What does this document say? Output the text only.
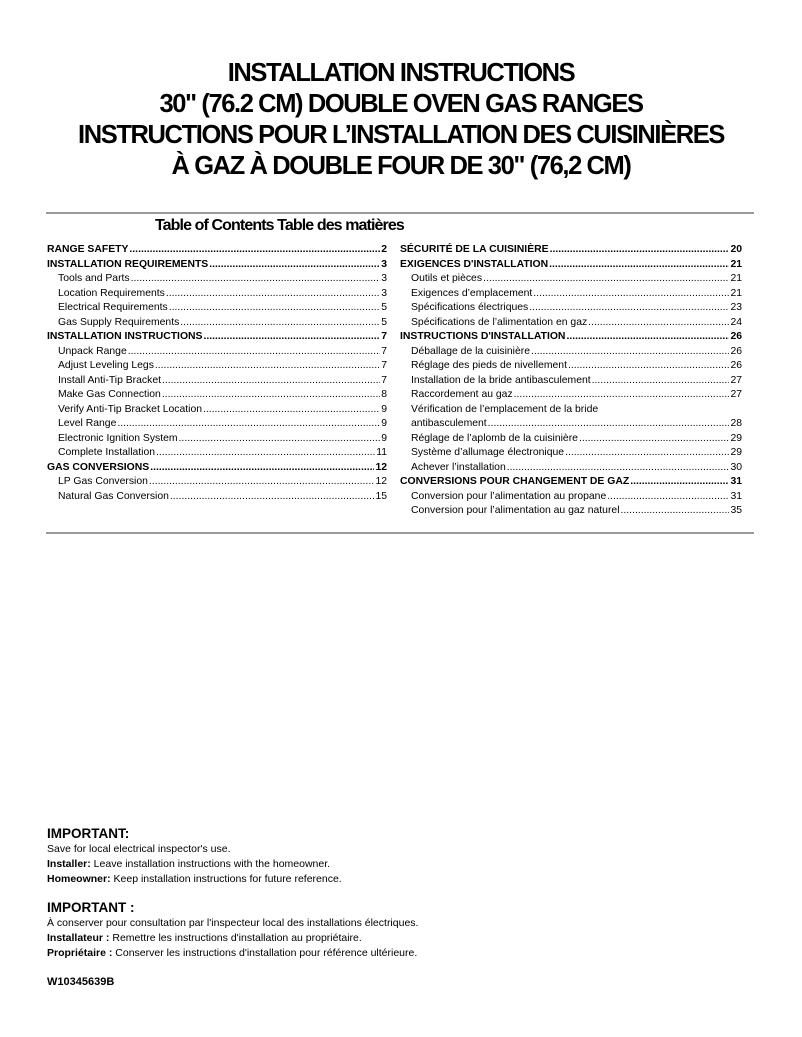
INSTALLATION INSTRUCTIONS
30" (76.2 CM) DOUBLE OVEN GAS RANGES
INSTRUCTIONS POUR L’INSTALLATION DES CUISINIÈRES
À GAZ À DOUBLE FOUR DE 30" (76,2 CM)
Table of Contents Table des matières
RANGE SAFETY .....	2
INSTALLATION REQUIREMENTS .....	3
Tools and Parts .....	3
Location Requirements .....	3
Electrical Requirements .....	5
Gas Supply Requirements .....	5
INSTALLATION INSTRUCTIONS .....	7
Unpack Range .....	7
Adjust Leveling Legs .....	7
Install Anti-Tip Bracket .....	7
Make Gas Connection .....	8
Verify Anti-Tip Bracket Location .....	9
Level Range .....	9
Electronic Ignition System .....	9
Complete Installation .....	11
GAS CONVERSIONS .....	12
LP Gas Conversion .....	12
Natural Gas Conversion .....	15
SÉCURITÉ DE LA CUISINIÈRE .....	20
EXIGENCES D'INSTALLATION .....	21
Outils et pièces .....	21
Exigences d’emplacement .....	21
Spécifications électriques .....	23
Spécifications de l’alimentation en gaz .....	24
INSTRUCTIONS D'INSTALLATION .....	26
Déballage de la cuisinière .....	26
Réglage des pieds de nivellement .....	26
Installation de la bride antibasculement .....	27
Raccordement au gaz .....	27
Vérification de l’emplacement de la bride
antibasculement .....	28
Réglage de l’aplomb de la cuisinière .....	29
Système d’allumage électronique .....	29
Achever l’installation .....	30
CONVERSIONS POUR CHANGEMENT DE GAZ .....	31
Conversion pour l’alimentation au propane .....	31
Conversion pour l’alimentation au gaz naturel .....	35
IMPORTANT:
Save for local electrical inspector's use.
Installer: Leave installation instructions with the homeowner.
Homeowner: Keep installation instructions for future reference.
IMPORTANT :
À conserver pour consultation par l'inspecteur local des installations électriques.
Installateur : Remettre les instructions d'installation au propriétaire.
Propriétaire : Conserver les instructions d'installation pour référence ultérieure.
W10345639B
